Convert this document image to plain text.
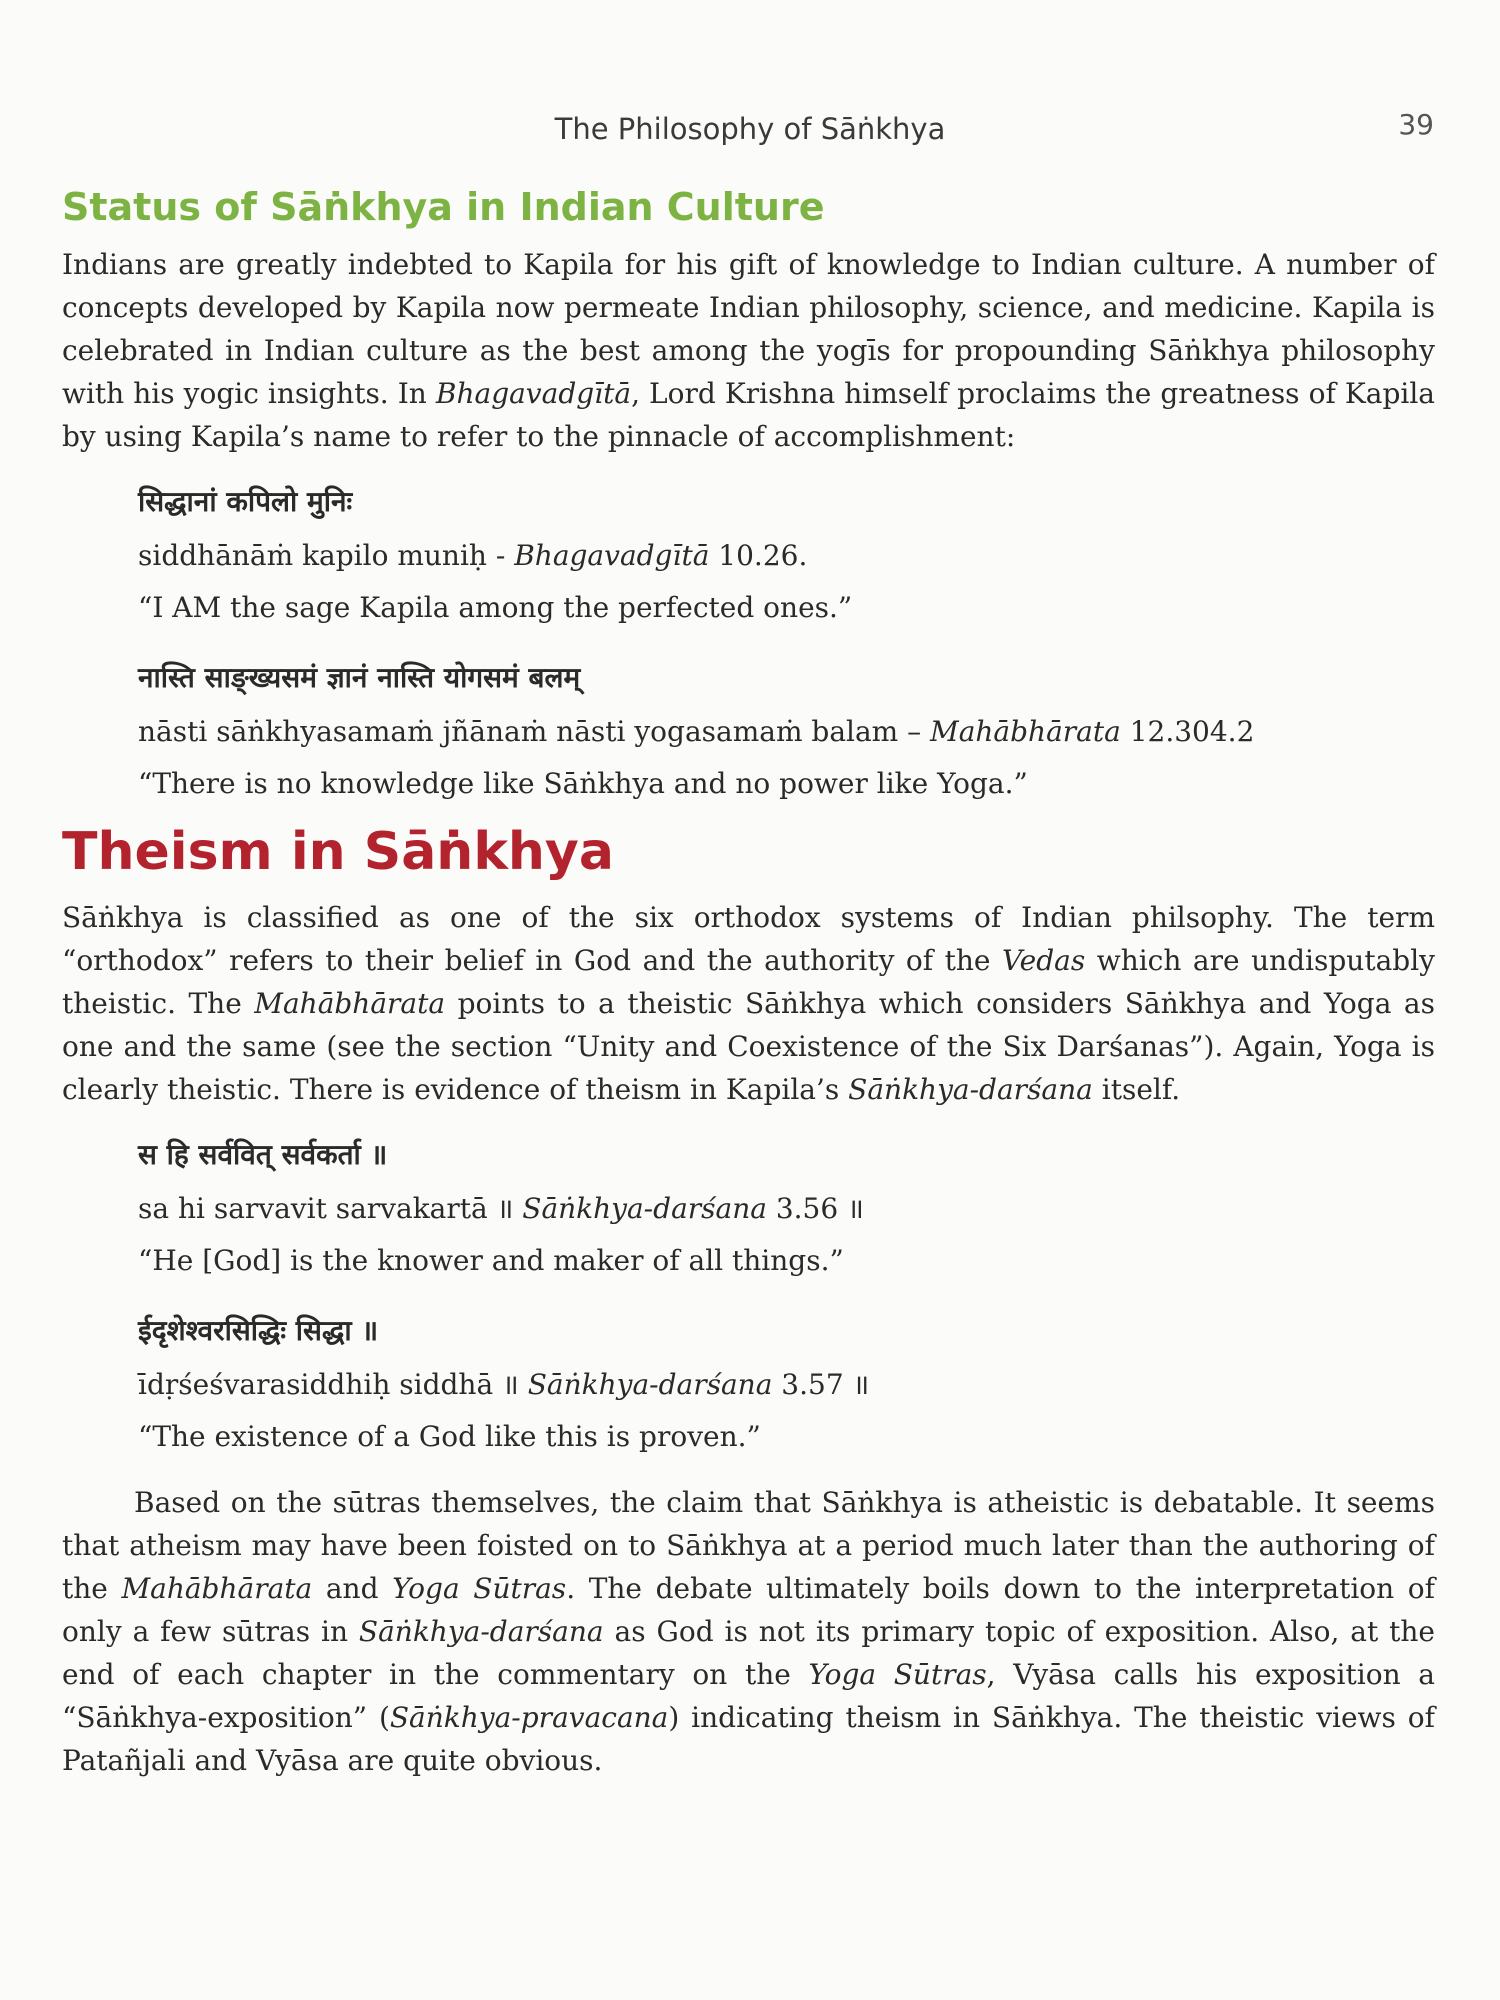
The Philosophy of Sāṅkhya	39
Status of Sāṅkhya in Indian Culture

Indians are greatly indebted to Kapila for his gift of knowledge to Indian culture. A number of concepts developed by Kapila now permeate Indian philosophy, science, and medicine. Kapila is celebrated in Indian culture as the best among the yogīs for propounding Sāṅkhya philosophy with his yogic insights. In Bhagavadgītā, Lord Krishna himself proclaims the greatness of Kapila by using Kapila’s name to refer to the pinnacle of accomplishment:

सिद्धानां कपिलो मुनिः
siddhānāṁ kapilo muniḥ - Bhagavadgītā 10.26.
“I AM the sage Kapila among the perfected ones.”
नास्ति साङ्ख्यसमं ज्ञानं नास्ति योगसमं बलम्
nāsti sāṅkhyasamaṁ jñānaṁ nāsti yogasamaṁ balam – Mahābhārata 12.304.2
“There is no knowledge like Sāṅkhya and no power like Yoga.”
Theism in Sāṅkhya

Sāṅkhya is classified as one of the six orthodox systems of Indian philsophy. The term “orthodox” refers to their belief in God and the authority of the Vedas which are undisputably theistic. The Mahābhārata points to a theistic Sāṅkhya which considers Sāṅkhya and Yoga as one and the same (see the section “Unity and Coexistence of the Six Darśanas”). Again, Yoga is clearly theistic. There is evidence of theism in Kapila’s Sāṅkhya-darśana itself.

स हि सर्ववित् सर्वकर्ता ॥
sa hi sarvavit sarvakartā ॥ Sāṅkhya-darśana 3.56 ॥
“He [God] is the knower and maker of all things.”
ईदृशेश्वरसिद्धिः सिद्धा ॥
īdṛśeśvarasiddhiḥ siddhā ॥ Sāṅkhya-darśana 3.57 ॥
“The existence of a God like this is proven.”

Based on the sūtras themselves, the claim that Sāṅkhya is atheistic is debatable. It seems that atheism may have been foisted on to Sāṅkhya at a period much later than the authoring of the Mahābhārata and Yoga Sūtras. The debate ultimately boils down to the interpretation of only a few sūtras in Sāṅkhya-darśana as God is not its primary topic of exposition. Also, at the end of each chapter in the commentary on the Yoga Sūtras, Vyāsa calls his exposition a “Sāṅkhya-exposition” (Sāṅkhya-pravacana) indicating theism in Sāṅkhya. The theistic views of Patañjali and Vyāsa are quite obvious.
